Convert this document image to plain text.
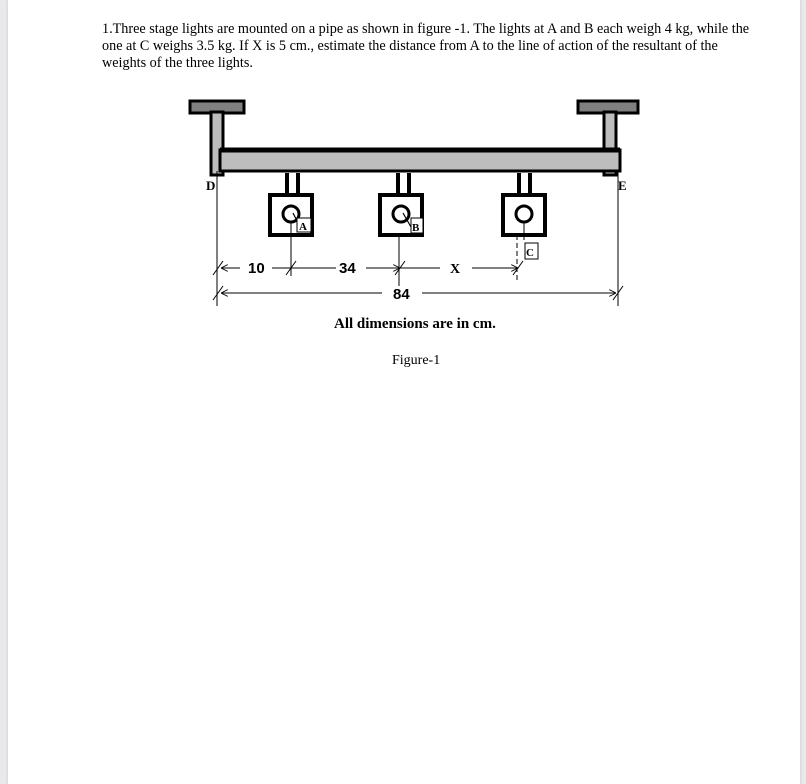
1.Three stage lights are mounted on a pipe as shown in figure -1. The lights at A and B each weigh 4 kg, while the one at C weighs 3.5 kg. If X is 5 cm., estimate the distance from A to the line of action of the resultant of the weights of the three lights.

D	E
A	B
C
10	34	X
84
All dimensions are in cm.
Figure-1
